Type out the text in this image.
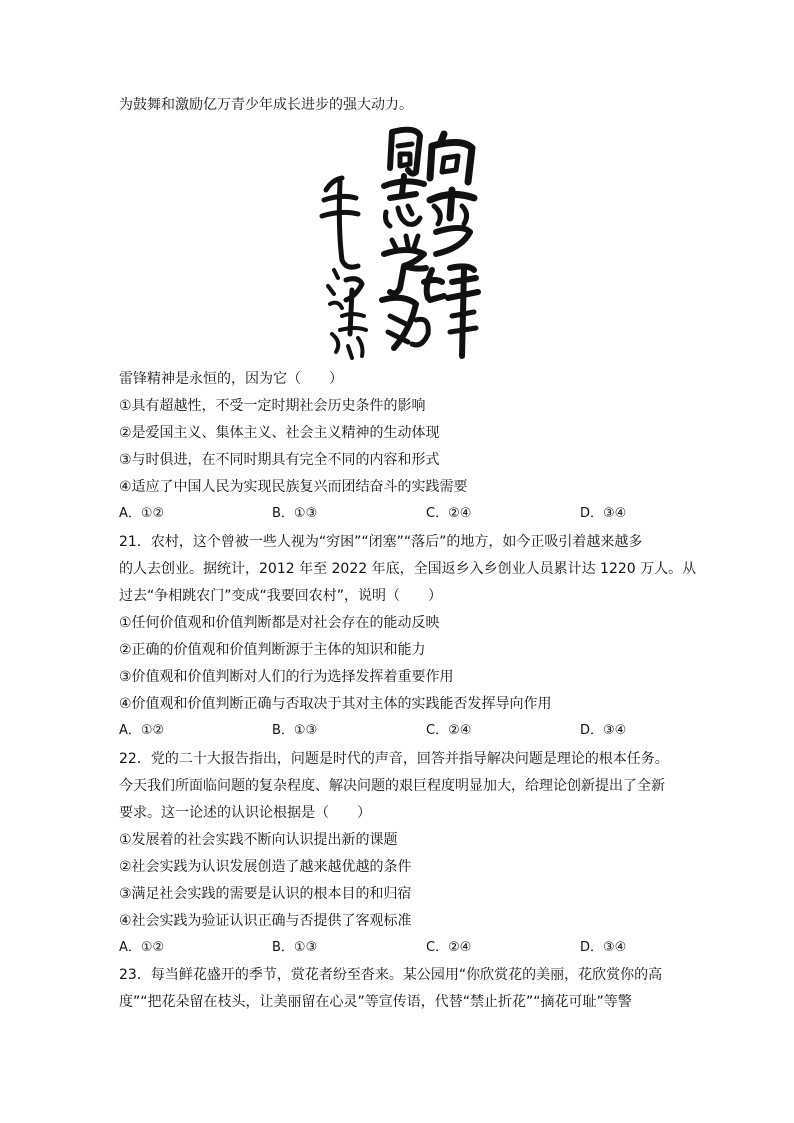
为鼓舞和激励亿万青少年成长进步的强大动力。
雷锋精神是永恒的，因为它（　　）
①具有超越性，不受一定时期社会历史条件的影响
②是爱国主义、集体主义、社会主义精神的生动体现
③与时俱进，在不同时期具有完全不同的内容和形式
④适应了中国人民为实现民族复兴而团结奋斗的实践需要
A．①②	B．①③	C．②④	D．③④
21．农村，这个曾被一些人视为“穷困”“闭塞”“落后”的地方，如今正吸引着越来越多
的人去创业。据统计，2012 年至 2022 年底，全国返乡入乡创业人员累计达 1220 万人。从
过去“争相跳农门”变成“我要回农村”，说明（　　）
①任何价值观和价值判断都是对社会存在的能动反映
②正确的价值观和价值判断源于主体的知识和能力
③价值观和价值判断对人们的行为选择发挥着重要作用
④价值观和价值判断正确与否取决于其对主体的实践能否发挥导向作用
A．①②	B．①③	C．②④	D．③④
22．党的二十大报告指出，问题是时代的声音，回答并指导解决问题是理论的根本任务。
今天我们所面临问题的复杂程度、解决问题的艰巨程度明显加大，给理论创新提出了全新
要求。这一论述的认识论根据是（　　）
①发展着的社会实践不断向认识提出新的课题
②社会实践为认识发展创造了越来越优越的条件
③满足社会实践的需要是认识的根本目的和归宿
④社会实践为验证认识正确与否提供了客观标准
A．①②	B．①③	C．②④	D．③④
23．每当鲜花盛开的季节，赏花者纷至沓来。某公园用“你欣赏花的美丽，花欣赏你的高
度”“把花朵留在枝头，让美丽留在心灵”等宣传语，代替“禁止折花”“摘花可耻”等警
